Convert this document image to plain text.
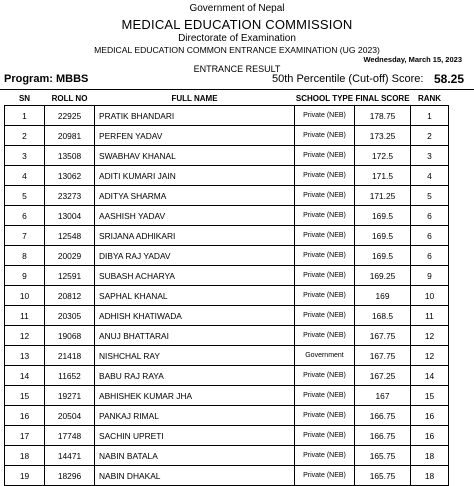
Government of Nepal
MEDICAL EDUCATION COMMISSION
Directorate of Examination
MEDICAL EDUCATION COMMON ENTRANCE EXAMINATION (UG 2023)
Wednesday, March 15, 2023
ENTRANCE RESULT
Program: MBBS	50th Percentile (Cut-off) Score: 58.25
SN	ROLL NO	FULL NAME	SCHOOL TYPE	FINAL SCORE	RANK
1	22925	PRATIK BHANDARI	Private (NEB)	178.75	1
2	20981	PERFEN YADAV	Private (NEB)	173.25	2
3	13508	SWABHAV KHANAL	Private (NEB)	172.5	3
4	13062	ADITI KUMARI JAIN	Private (NEB)	171.5	4
5	23273	ADITYA SHARMA	Private (NEB)	171.25	5
6	13004	AASHISH YADAV	Private (NEB)	169.5	6
7	12548	SRIJANA ADHIKARI	Private (NEB)	169.5	6
8	20029	DIBYA RAJ YADAV	Private (NEB)	169.5	6
9	12591	SUBASH ACHARYA	Private (NEB)	169.25	9
10	20812	SAPHAL KHANAL	Private (NEB)	169	10
11	20305	ADHISH KHATIWADA	Private (NEB)	168.5	11
12	19068	ANUJ BHATTARAI	Private (NEB)	167.75	12
13	21418	NISHCHAL RAY	Government	167.75	12
14	11652	BABU RAJ RAYA	Private (NEB)	167.25	14
15	19271	ABHISHEK KUMAR JHA	Private (NEB)	167	15
16	20504	PANKAJ RIMAL	Private (NEB)	166.75	16
17	17748	SACHIN UPRETI	Private (NEB)	166.75	16
18	14471	NABIN BATALA	Private (NEB)	165.75	18
19	18296	NABIN DHAKAL	Private (NEB)	165.75	18
